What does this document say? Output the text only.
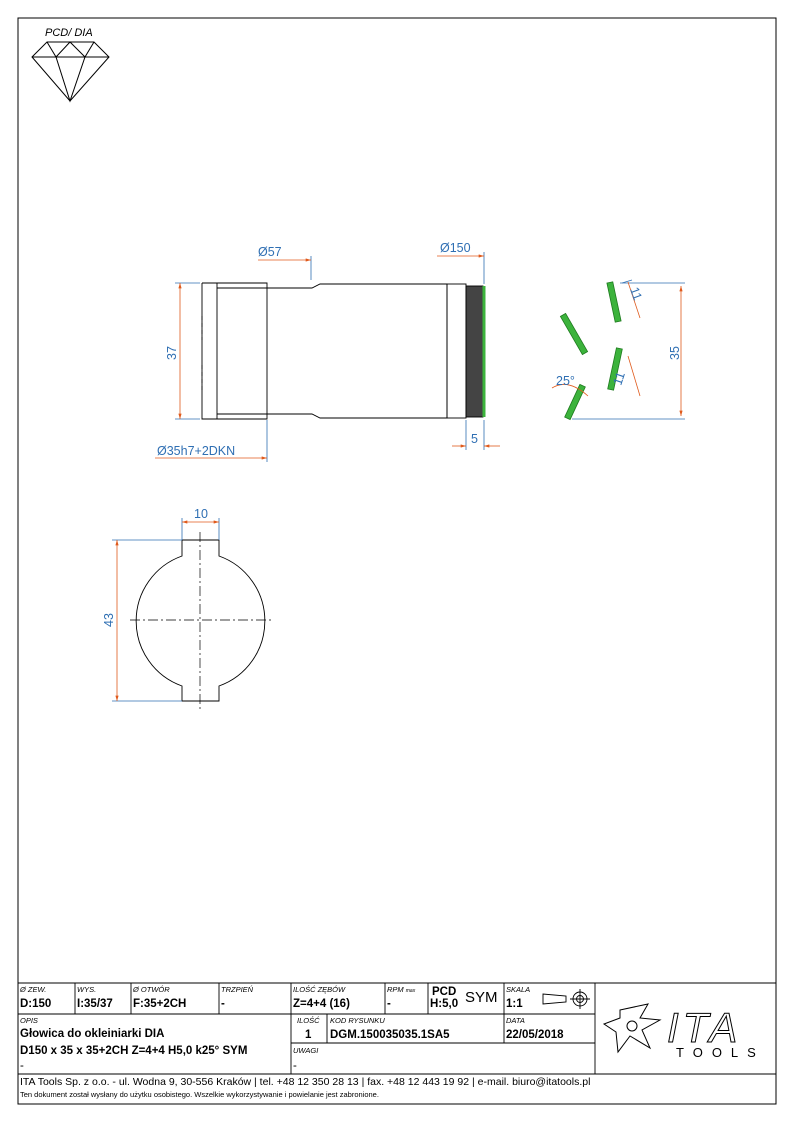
PCD/ DIA
Ø57	Ø150
37
Ø35h7+2DKN
5
11
11
25°
35
10
43
ITA
TOOLS
Ø ZEW.
D:150
WYS.
I:35/37
Ø OTWÓR
F:35+2CH
TRZPIEŃ
-
ILOŚĆ ZĘBÓW
Z=4+4 (16)
RPM max
-
PCD
H:5,0 SYM SKALA
1:1
OPIS
Głowica do okleiniarki DIA
D150 x 35 x 35+2CH Z=4+4 H5,0 k25° SYM
-
ILOŚĆ
1
KOD RYSUNKU
DGM.150035035.1SA5
DATA
22/05/2018
UWAGI
-
ITA Tools Sp. z o.o. - ul. Wodna 9, 30-556 Kraków | tel. +48 12 350 28 13 | fax. +48 12 443 19 92 | e-mail. biuro@itatools.pl
Ten dokument został wysłany do użytku osobistego. Wszelkie wykorzystywanie i powielanie jest zabronione.
